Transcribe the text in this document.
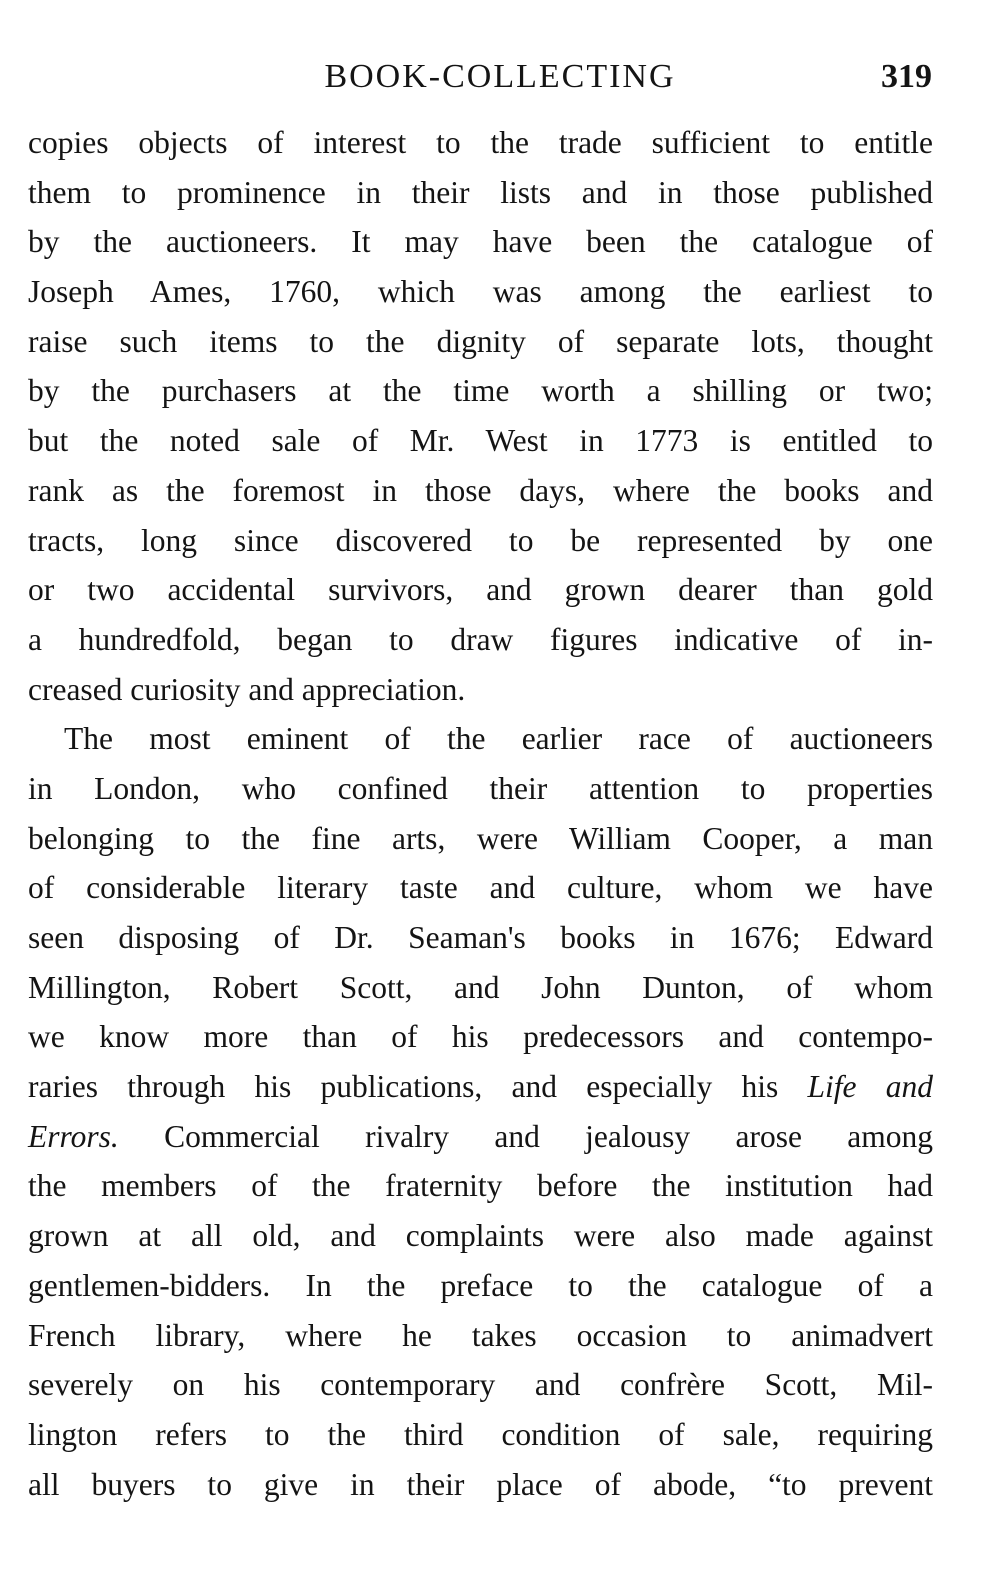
BOOK-COLLECTING	319
copies objects of interest to the trade sufficient to entitle
them to prominence in their lists and in those published
by the auctioneers. It may have been the catalogue of
Joseph Ames, 1760, which was among the earliest to
raise such items to the dignity of separate lots, thought
by the purchasers at the time worth a shilling or two;
but the noted sale of Mr. West in 1773 is entitled to
rank as the foremost in those days, where the books and
tracts, long since discovered to be represented by one
or two accidental survivors, and grown dearer than gold
a hundredfold, began to draw figures indicative of in-
creased curiosity and appreciation.
The most eminent of the earlier race of auctioneers
in London, who confined their attention to properties
belonging to the fine arts, were William Cooper, a man
of considerable literary taste and culture, whom we have
seen disposing of Dr. Seaman's books in 1676; Edward
Millington, Robert Scott, and John Dunton, of whom
we know more than of his predecessors and contempo-
raries through his publications, and especially his Life and
Errors. Commercial rivalry and jealousy arose among
the members of the fraternity before the institution had
grown at all old, and complaints were also made against
gentlemen-bidders. In the preface to the catalogue of a
French library, where he takes occasion to animadvert
severely on his contemporary and confrère Scott, Mil-
lington refers to the third condition of sale, requiring
all buyers to give in their place of abode, “to prevent
